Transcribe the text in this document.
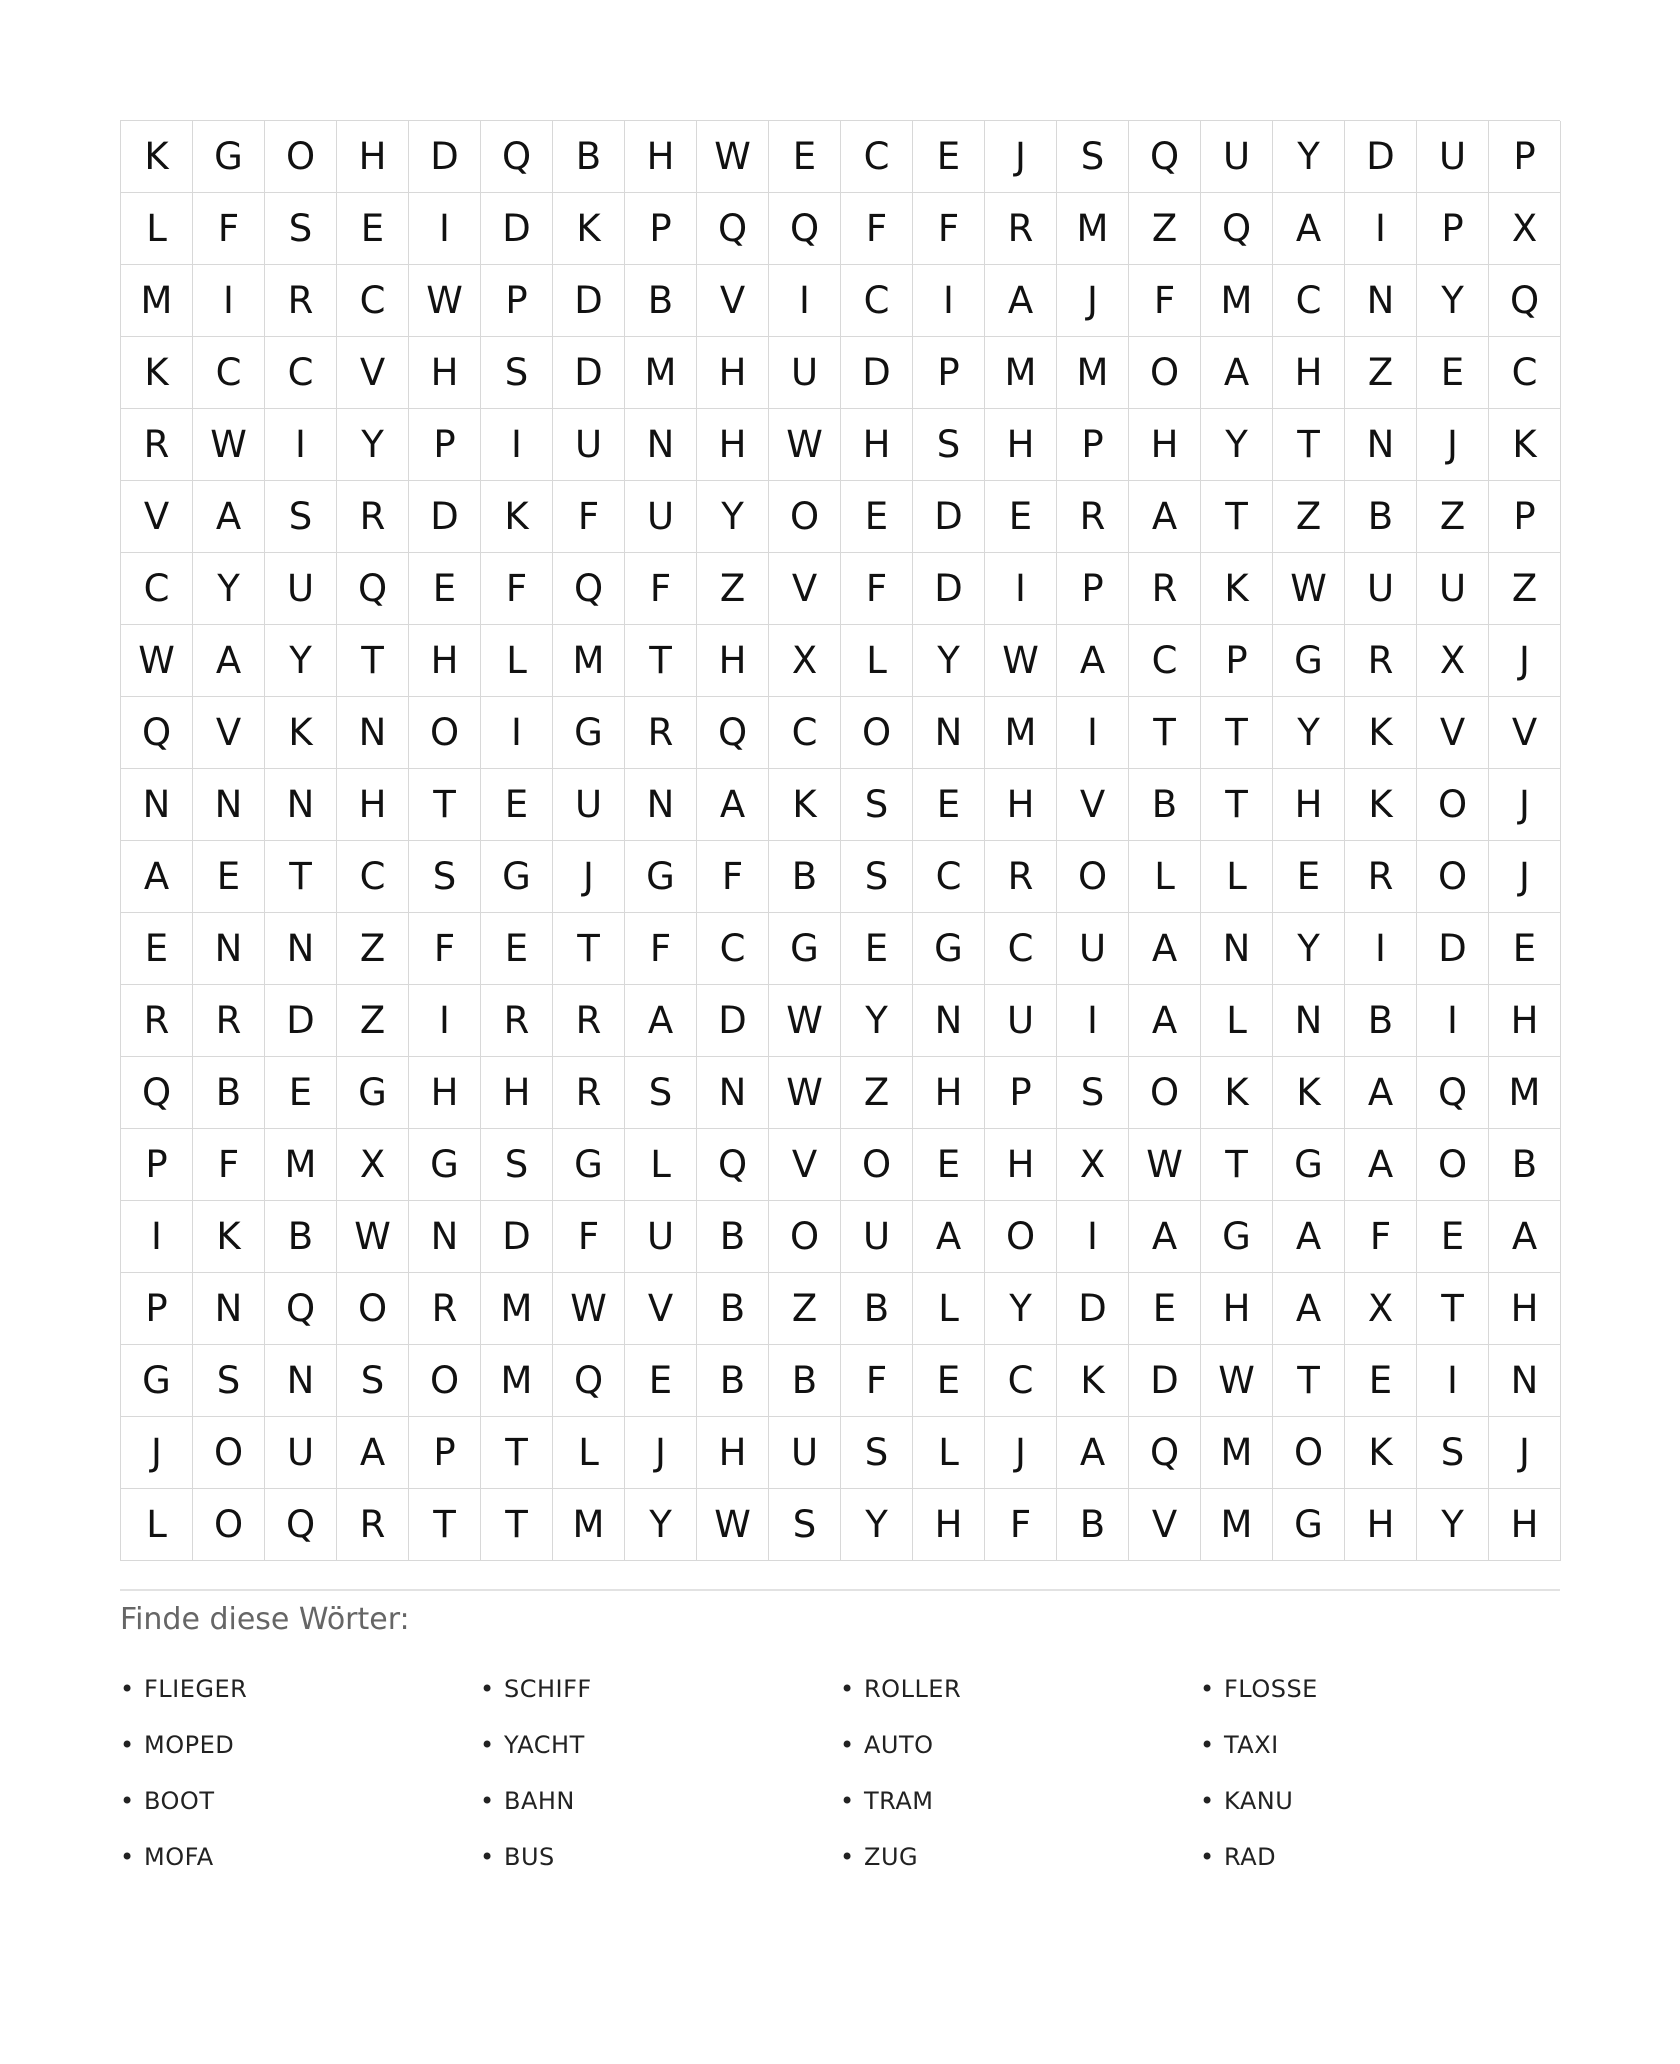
K	G	O	H	D	Q	B	H	W	E	C	E	J	S	Q	U	Y	D	U	P
L	F	S	E	I	D	K	P	Q	Q	F	F	R	M	Z	Q	A	I	P	X
M	I	R	C	W	P	D	B	V	I	C	I	A	J	F	M	C	N	Y	Q
K	C	C	V	H	S	D	M	H	U	D	P	M	M	O	A	H	Z	E	C
R	W	I	Y	P	I	U	N	H	W	H	S	H	P	H	Y	T	N	J	K
V	A	S	R	D	K	F	U	Y	O	E	D	E	R	A	T	Z	B	Z	P
C	Y	U	Q	E	F	Q	F	Z	V	F	D	I	P	R	K	W	U	U	Z
W	A	Y	T	H	L	M	T	H	X	L	Y	W	A	C	P	G	R	X	J
Q	V	K	N	O	I	G	R	Q	C	O	N	M	I	T	T	Y	K	V	V
N	N	N	H	T	E	U	N	A	K	S	E	H	V	B	T	H	K	O	J
A	E	T	C	S	G	J	G	F	B	S	C	R	O	L	L	E	R	O	J
E	N	N	Z	F	E	T	F	C	G	E	G	C	U	A	N	Y	I	D	E
R	R	D	Z	I	R	R	A	D	W	Y	N	U	I	A	L	N	B	I	H
Q	B	E	G	H	H	R	S	N	W	Z	H	P	S	O	K	K	A	Q	M
P	F	M	X	G	S	G	L	Q	V	O	E	H	X	W	T	G	A	O	B
I	K	B	W	N	D	F	U	B	O	U	A	O	I	A	G	A	F	E	A
P	N	Q	O	R	M	W	V	B	Z	B	L	Y	D	E	H	A	X	T	H
G	S	N	S	O	M	Q	E	B	B	F	E	C	K	D	W	T	E	I	N
J	O	U	A	P	T	L	J	H	U	S	L	J	A	Q	M	O	K	S	J
L	O	Q	R	T	T	M	Y	W	S	Y	H	F	B	V	M	G	H	Y	H
Finde diese Wörter:
• FLIEGER	• SCHIFF	• ROLLER	• FLOSSE
• MOPED	• YACHT	• AUTO	• TAXI
• BOOT	• BAHN	• TRAM	• KANU
• MOFA	• BUS	• ZUG	• RAD
